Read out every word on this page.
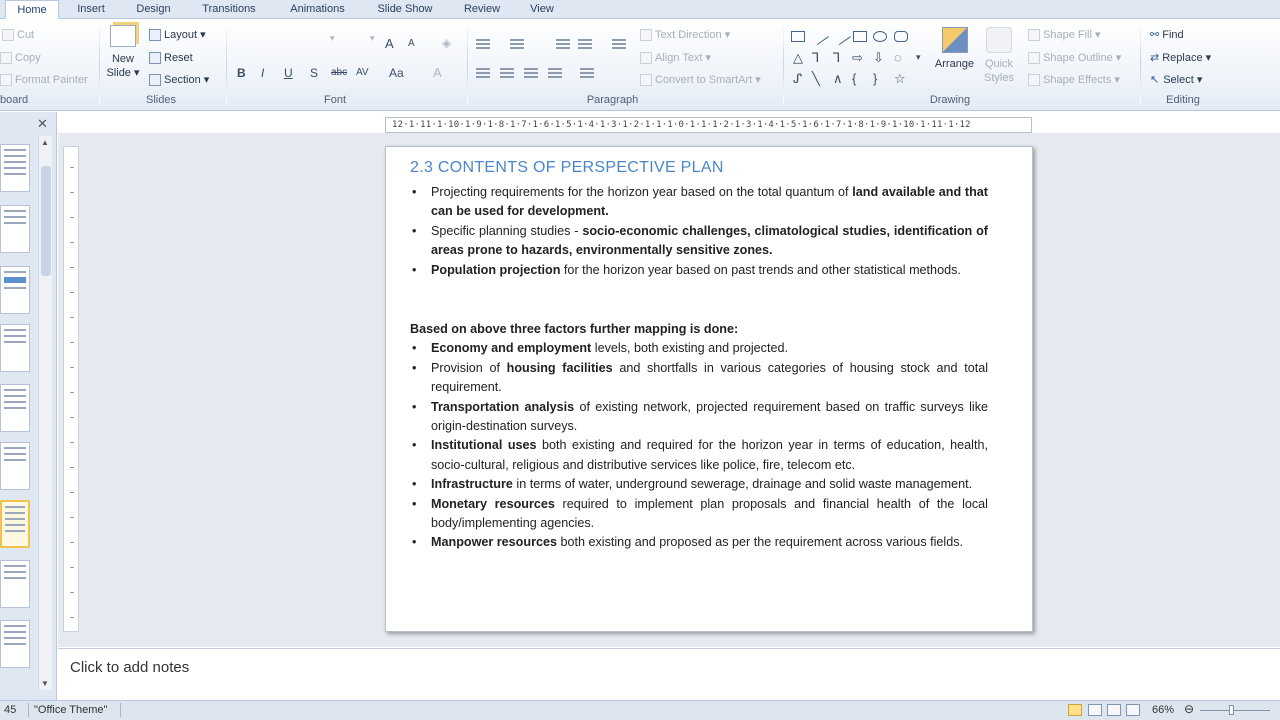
Home	Insert	Design	Transitions	Animations	Slide Show	Review	View
Cut
Copy
Format Painter
board
New
Slide ▾
Layout ▾
Reset
Section ▾
Slides
▾	▾ A A ◈
B I U S abc AV Aa A
Font
Text Direction ▾
Align Text ▾
Convert to SmartArt ▾
Paragraph
△ ⅂ ⅂ ⇨ ⇩ ◌
ᔑ ╲ ∧ { } ☆
▾
Arrange Quick
Styles
Shape Fill ▾
Shape Outline ▾
Shape Effects ▾
Drawing
⚯ Find
⇄ Replace ▾
↖ Select ▾
Editing
✕
▲
▼
12·1·11·1·10·1·9·1·8·1·7·1·6·1·5·1·4·1·3·1·2·1·1·1·0·1·1·1·2·1·3·1·4·1·5·1·6·1·7·1·8·1·9·1·10·1·11·1·12
2.3 CONTENTS OF PERSPECTIVE PLAN
• Projecting requirements for the horizon year based on the total quantum of land available and that can be used for development.
• Specific planning studies - socio-economic challenges, climatological studies, identification of areas prone to hazards, environmentally sensitive zones.
• Population projection for the horizon year based on past trends and other statistical methods.
Based on above three factors further mapping is done:
• Economy and employment levels, both existing and projected.
• Provision of housing facilities and shortfalls in various categories of housing stock and total requirement.
• Transportation analysis of existing network, projected requirement based on traffic surveys like origin-destination surveys.
• Institutional uses both existing and required for the horizon year in terms of education, health, socio-cultural, religious and distributive services like police, fire, telecom etc.
• Infrastructure in terms of water, underground sewerage, drainage and solid waste management.
• Monetary resources required to implement plan proposals and financial health of the local body/implementing agencies.
• Manpower resources both existing and proposed as per the requirement across various fields.
Click to add notes
45 "Office Theme"	66% ⊖
